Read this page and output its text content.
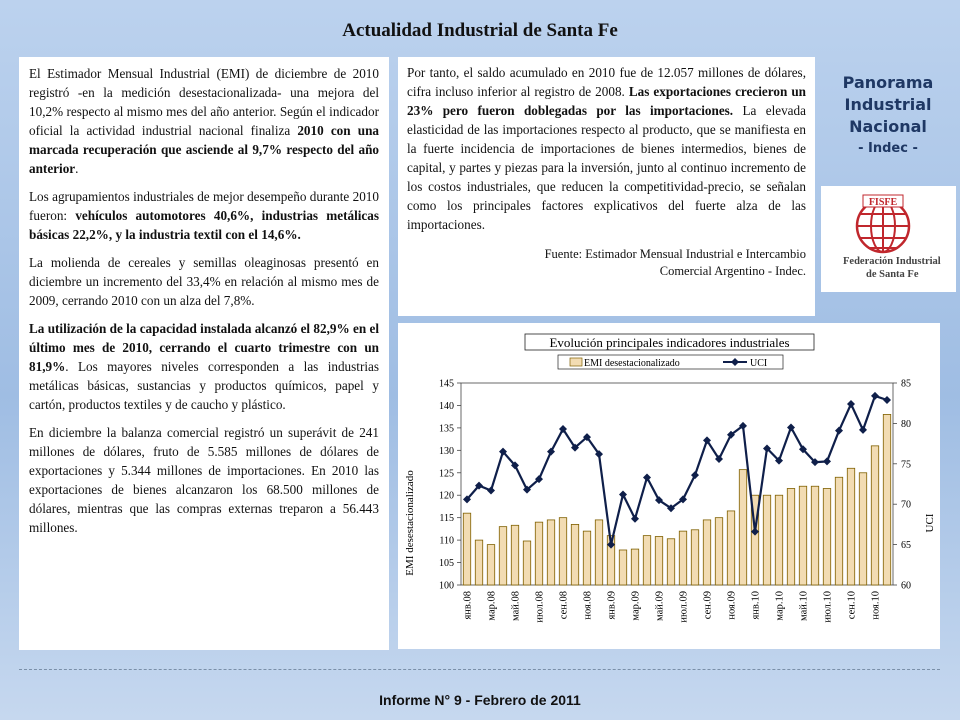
Actualidad Industrial de Santa Fe

El Estimador Mensual Industrial (EMI) de diciembre de 2010 registró -en la medición desestacionalizada- una mejora del 10,2% respecto al mismo mes del año anterior. Según el indicador oficial la actividad industrial nacional finaliza 2010 con una marcada recuperación que asciende al 9,7% respecto del año anterior.

Los agrupamientos industriales de mejor desempeño durante 2010 fueron: vehículos automotores 40,6%, industrias metálicas básicas 22,2%, y la industria textil con el 14,6%.

La molienda de cereales y semillas oleaginosas presentó en diciembre un incremento del 33,4% en relación al mismo mes de 2009, cerrando 2010 con un alza del 7,8%.

La utilización de la capacidad instalada alcanzó el 82,9% en el último mes de 2010, cerrando el cuarto trimestre con un 81,9%. Los mayores niveles corresponden a las industrias metálicas básicas, sustancias y productos químicos, papel y cartón, productos textiles y de caucho y plástico.

En diciembre la balanza comercial registró un superávit de 241 millones de dólares, fruto de 5.585 millones de dólares de exportaciones y 5.344 millones de importaciones. En 2010 las exportaciones de bienes alcanzaron los 68.500 millones de dólares, mientras que las compras externas treparon a 56.443 millones.

Por tanto, el saldo acumulado en 2010 fue de 12.057 millones de dólares, cifra incluso inferior al registro de 2008. Las exportaciones crecieron un 23% pero fueron doblegadas por las importaciones. La elevada elasticidad de las importaciones respecto al producto, que se manifiesta en la fuerte incidencia de importaciones de bienes intermedios, bienes de capital, y partes y piezas para la inversión, junto al continuo incremento de los costos industriales, que reducen la competitividad-precio, se señalan como los principales factores explicativos del fuerte alza de las importaciones.

Fuente: Estimador Mensual Industrial e Intercambio
Comercial Argentino - Indec.

Panorama
Industrial
Nacional
- Indec -
FISFE
Federación Industrial
de Santa Fe
Evolución principales indicadores industriales
EMI desestacionalizado	UCI
EMI desestacionalizado	UCI
100
105
110
115
120
125
130
135
140
145
60
65
70
75
80
85
янв.08 мар.08 май.08 июл.08 сен.08 ноя.08 янв.09 мар.09 май.09 июл.09 сен.09 ноя.09 янв.10 мар.10 май.10 июл.10 сен.10 ноя.10
Informe N° 9 - Febrero de 2011
